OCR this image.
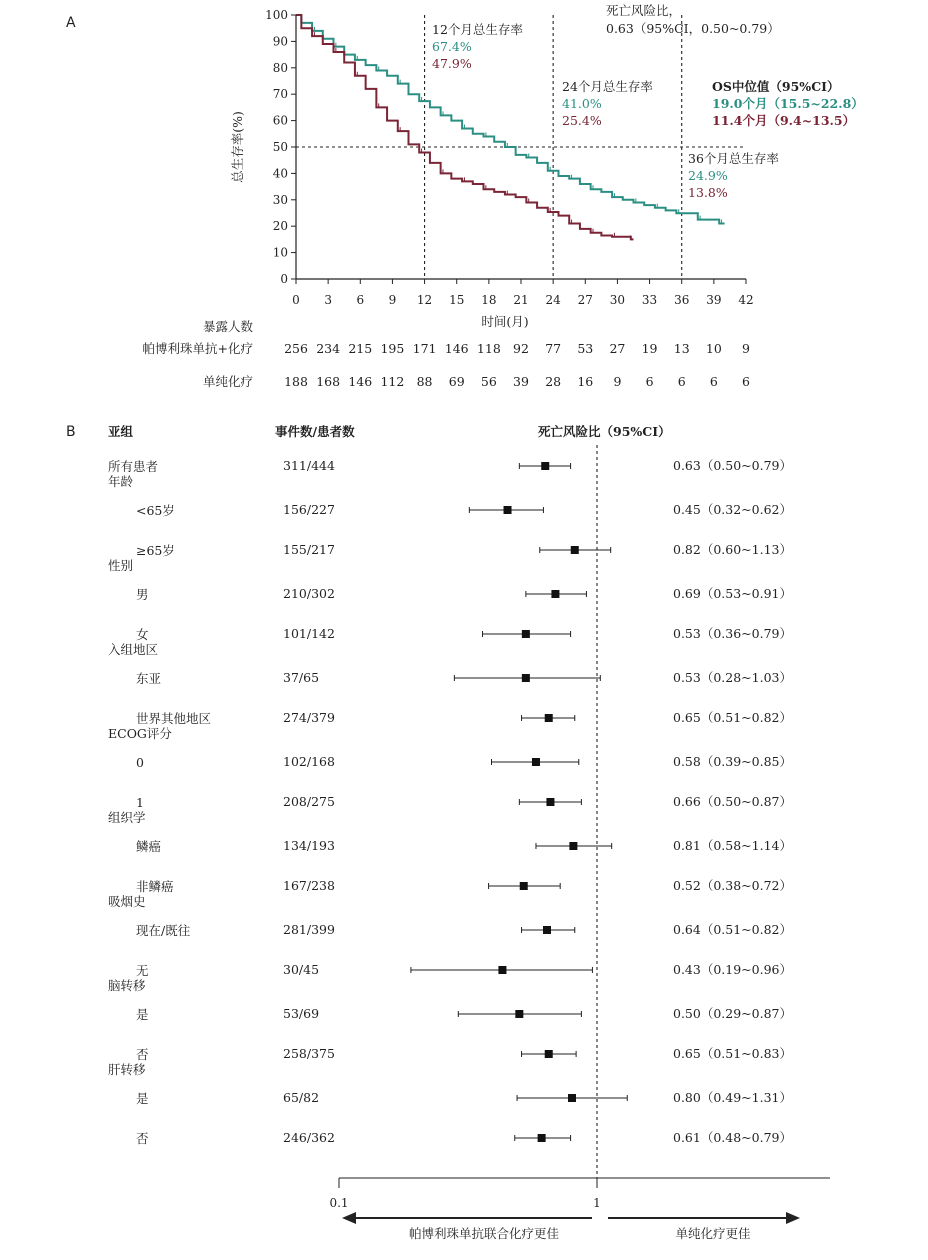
A
0 3 6 9 12 15 18 21 24 27 30 33 36 39 42
0
10
20
30
40
50
60
70
80
90
100
总生存率(%)
时间(月)
死亡风险比，
0.63（95%CI，0.50~0.79）
12个月总生存率
67.4%
47.9%
24个月总生存率
41.0%
25.4%
36个月总生存率
24.9%
13.8%
OS中位值（95%CI）
19.0个月（15.5~22.8）
11.4个月（9.4~13.5）
暴露人数
帕博利珠单抗+化疗
单纯化疗
256 234 215 195 171 146 118 92 77 53 27 19 13 10 9
188 168 146 112 88 69 56 39 28 16 9 6 6 6 6
B	亚组	事件数/患者数	死亡风险比（95%CI）
所有患者	311/444	0.63（0.50~0.79）
年龄
<65岁	156/227	0.45（0.32~0.62）
≥65岁	155/217	0.82（0.60~1.13）
性别
男	210/302	0.69（0.53~0.91）
女	101/142	0.53（0.36~0.79）
入组地区
东亚	37/65	0.53（0.28~1.03）
世界其他地区	274/379	0.65（0.51~0.82）
ECOG评分
0	102/168	0.58（0.39~0.85）
1	208/275	0.66（0.50~0.87）
组织学
鳞癌	134/193	0.81（0.58~1.14）
非鳞癌	167/238	0.52（0.38~0.72）
吸烟史
现在/既往	281/399	0.64（0.51~0.82）
无	30/45	0.43（0.19~0.96）
脑转移
是	53/69	0.50（0.29~0.87）
否	258/375	0.65（0.51~0.83）
肝转移
是	65/82	0.80（0.49~1.31）
否	246/362	0.61（0.48~0.79）
0.1	1
帕博利珠单抗联合化疗更佳	单纯化疗更佳
